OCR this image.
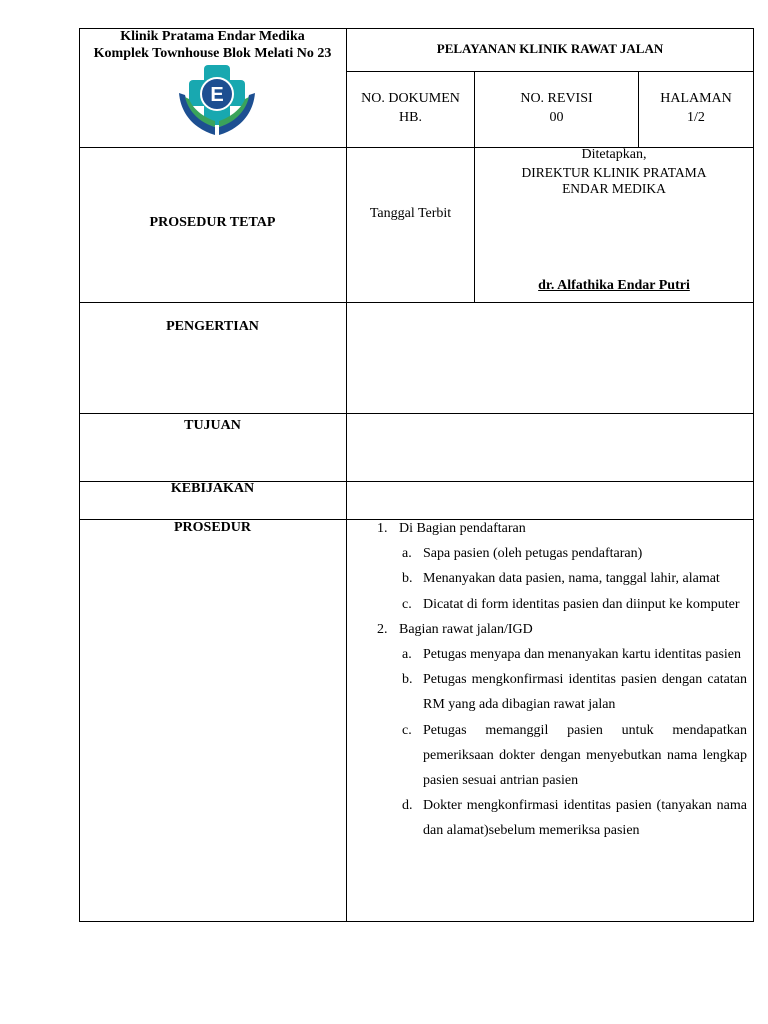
Klinik Pratama Endar Medika
Komplek Townhouse Blok Melati No 23
E
PELAYANAN KLINIK RAWAT JALAN
NO. DOKUMEN
HB.
NO. REVISI
00
HALAMAN
1/2
PROSEDUR TETAP
Tanggal Terbit
Ditetapkan,
DIREKTUR KLINIK PRATAMA
ENDAR MEDIKA
dr. Alfathika Endar Putri
PENGERTIAN
TUJUAN
KEBIJAKAN
PROSEDUR	1. Di Bagian pendaftaran
a. Sapa pasien (oleh petugas pendaftaran)
b. Menanyakan data pasien, nama, tanggal lahir, alamat
c. Dicatat di form identitas pasien dan diinput ke komputer
2. Bagian rawat jalan/IGD
a. Petugas menyapa dan menanyakan kartu identitas pasien
b. Petugas mengkonfirmasi identitas pasien dengan catatan RM yang ada dibagian rawat jalan
c. Petugas memanggil pasien untuk mendapatkan pemeriksaan dokter dengan menyebutkan nama lengkap pasien sesuai antrian pasien
d. Dokter mengkonfirmasi identitas pasien (tanyakan nama dan alamat)sebelum memeriksa pasien
